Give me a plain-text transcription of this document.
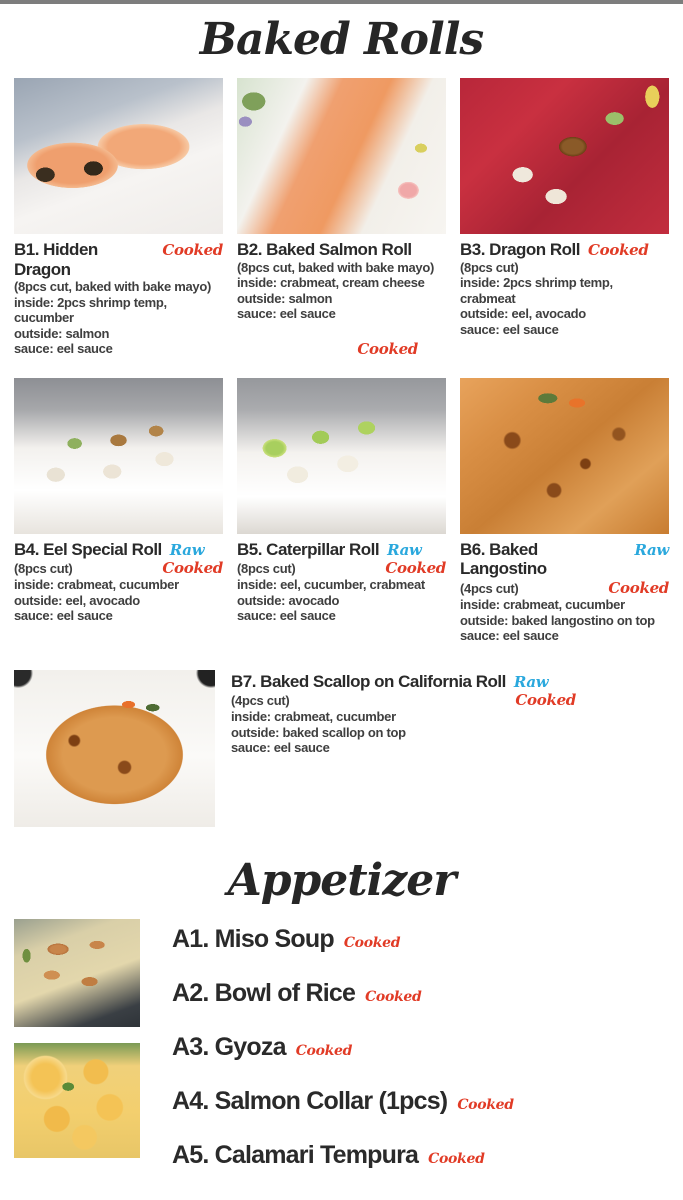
Baked Rolls
B1. Hidden Dragon
Cooked
(8pcs cut, baked with bake mayo)
inside: 2pcs shrimp temp,
cucumber
outside: salmon
sauce: eel sauce
B2. Baked Salmon Roll
(8pcs cut, baked with bake mayo)
inside: crabmeat, cream cheese
outside: salmon
sauce: eel sauce
Cooked
B3. Dragon Roll Cooked
(8pcs cut)
inside: 2pcs shrimp temp,
crabmeat
outside: eel, avocado
sauce: eel sauce
B4. Eel Special Roll Raw
(8pcs cut)	Cooked
inside: crabmeat, cucumber
outside: eel, avocado
sauce: eel sauce
B5. Caterpillar Roll Raw
(8pcs cut)	Cooked
inside: eel, cucumber, crabmeat
outside: avocado
sauce: eel sauce
B6. Baked Langostino
Raw
(4pcs cut)	Cooked
inside: crabmeat, cucumber
outside: baked langostino on top
sauce: eel sauce
B7. Baked Scallop on California Roll Raw
(4pcs cut)	Cooked
inside: crabmeat, cucumber
outside: baked scallop on top
sauce: eel sauce
Appetizer
A1. Miso Soup Cooked
A2. Bowl of Rice Cooked
A3. Gyoza Cooked
A4. Salmon Collar (1pcs) Cooked
A5. Calamari Tempura Cooked
